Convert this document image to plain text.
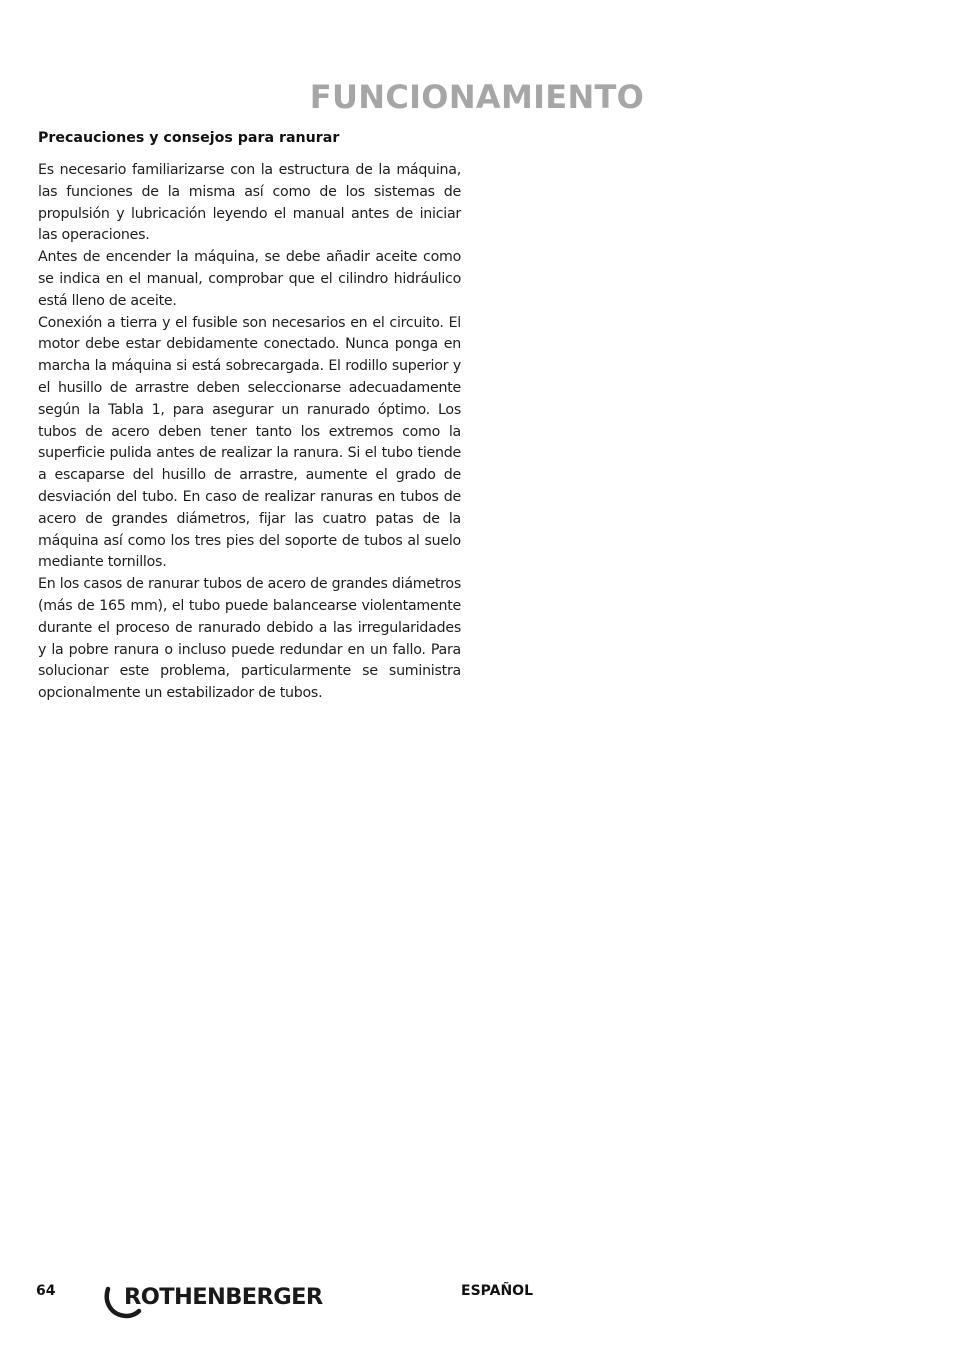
FUNCIONAMIENTO
Precauciones y consejos para ranurar

Es necesario familiarizarse con la estructura de la máquina, las funciones de la misma así como de los sistemas de propulsión y lubricación leyendo el manual antes de iniciar las operaciones.

Antes de encender la máquina, se debe añadir aceite como se indica en el manual, comprobar que el cilindro hidráulico está lleno de aceite.

Conexión a tierra y el fusible son necesarios en el circuito. El motor debe estar debidamente conectado. Nunca ponga en marcha la máquina si está sobrecargada. El rodillo superior y el husillo de arrastre deben seleccionarse adecuadamente según la Tabla 1, para asegurar un ranurado óptimo. Los tubos de acero deben tener tanto los extremos como la superficie pulida antes de realizar la ranura. Si el tubo tiende a escaparse del husillo de arrastre, aumente el grado de desviación del tubo. En caso de realizar ranuras en tubos de acero de grandes diámetros, fijar las cuatro patas de la máquina así como los tres pies del soporte de tubos al suelo mediante tornillos.

En los casos de ranurar tubos de acero de grandes diámetros (más de 165 mm), el tubo puede balancearse violentamente durante el proceso de ranurado debido a las irregularidades y la pobre ranura o incluso puede redundar en un fallo. Para solucionar este problema, particularmente se suministra opcionalmente un estabilizador de tubos.

64	ROTHENBERGER	ESPAÑOL
